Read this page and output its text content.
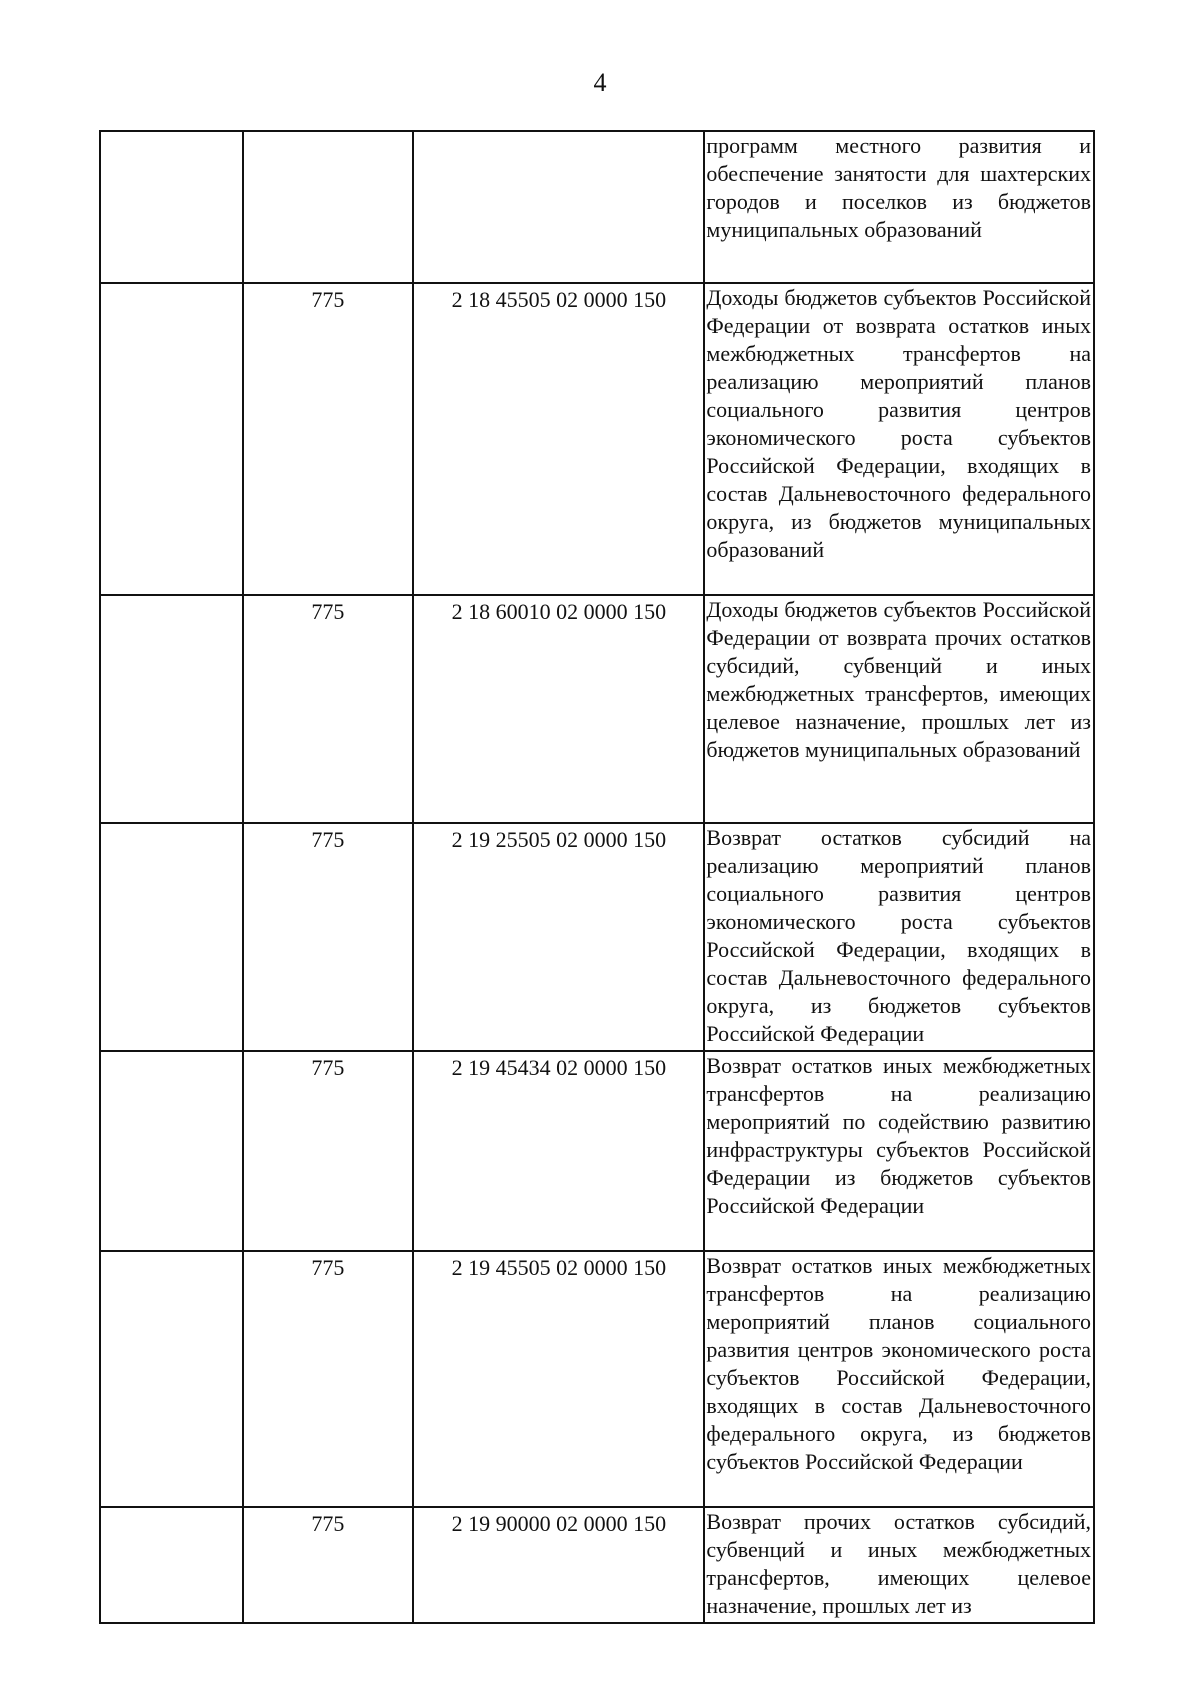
4
			программ местного развития и обеспечение занятости для шахтерских городов и поселков из бюджетов муниципальных образований
	775	2 18 45505 02 0000 150	Доходы бюджетов субъектов Российской Федерации от возврата остатков иных межбюджетных трансфертов на реализацию мероприятий планов социального развития центров экономического роста субъектов Российской Федерации, входящих в состав Дальневосточного федерального округа, из бюджетов муниципальных образований
	775	2 18 60010 02 0000 150	Доходы бюджетов субъектов Российской Федерации от возврата прочих остатков субсидий, субвенций и иных межбюджетных трансфертов, имеющих целевое назначение, прошлых лет из бюджетов муниципальных образований
	775	2 19 25505 02 0000 150	Возврат остатков субсидий на реализацию мероприятий планов социального развития центров экономического роста субъектов Российской Федерации, входящих в состав Дальневосточного федерального округа, из бюджетов субъектов Российской Федерации
	775	2 19 45434 02 0000 150	Возврат остатков иных межбюджетных трансфертов на реализацию мероприятий по содействию развитию инфраструктуры субъектов Российской Федерации из бюджетов субъектов Российской Федерации
	775	2 19 45505 02 0000 150	Возврат остатков иных межбюджетных трансфертов на реализацию мероприятий планов социального развития центров экономического роста субъектов Российской Федерации, входящих в состав Дальневосточного федерального округа, из бюджетов субъектов Российской Федерации
	775	2 19 90000 02 0000 150	Возврат прочих остатков субсидий, субвенций и иных межбюджетных трансфертов, имеющих целевое назначение, прошлых лет из
